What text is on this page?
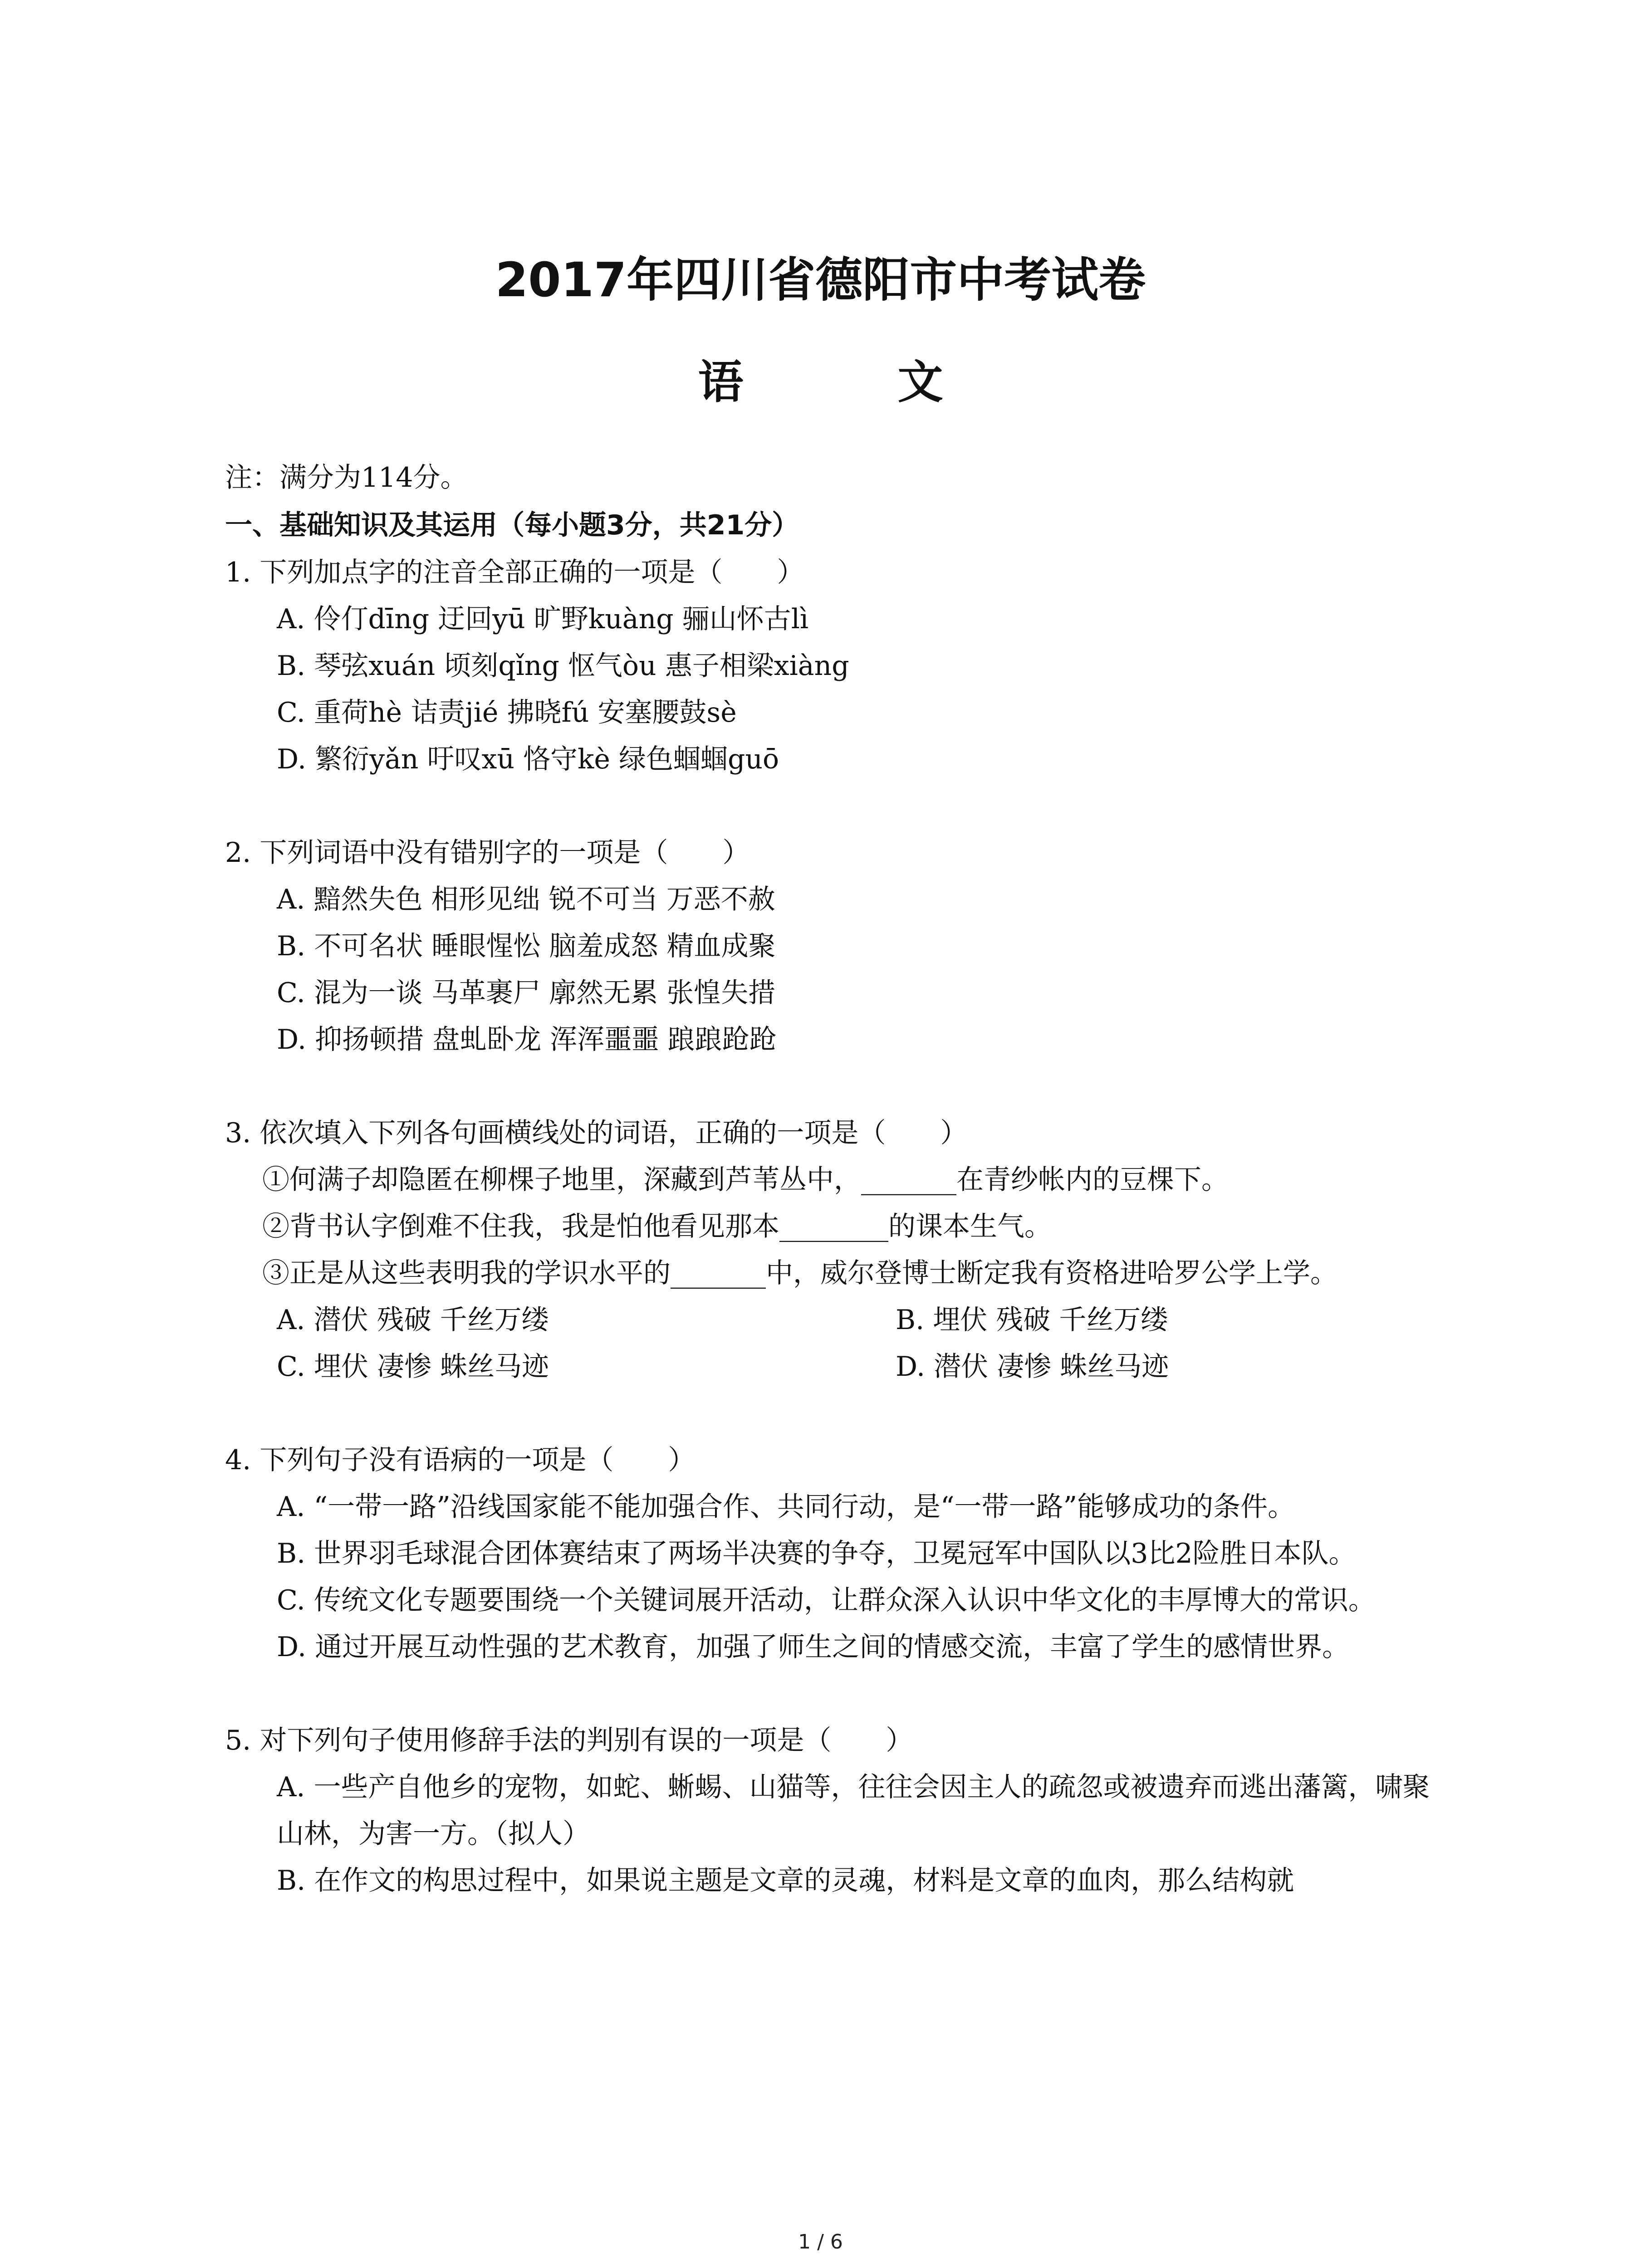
2017年四川省德阳市中考试卷
语　文

注：满分为114分。

一、基础知识及其运用（每小题3分，共21分）

1. 下列加点字的注音全部正确的一项是（　　）

A. 伶仃dīng 迂回yū 旷野kuàng 骊山怀古lì

B. 琴弦xuán 顷刻qǐng 怄气òu 惠子相梁xiàng

C. 重荷hè 诘责jié 拂晓fú 安塞腰鼓sè

D. 繁衍yǎn 吁叹xū 恪守kè 绿色蝈蝈guō

2. 下列词语中没有错别字的一项是（　　）

A. 黯然失色 相形见绌 锐不可当 万恶不赦

B. 不可名状 睡眼惺忪 脑羞成怒 精血成聚

C. 混为一谈 马革裹尸 廓然无累 张惶失措

D. 抑扬顿措 盘虬卧龙 浑浑噩噩 踉踉跄跄

3. 依次填入下列各句画横线处的词语，正确的一项是（　　）

①何满子却隐匿在柳棵子地里，深藏到芦苇丛中，_______在青纱帐内的豆棵下。

②背书认字倒难不住我，我是怕他看见那本________的课本生气。

③正是从这些表明我的学识水平的_______中，威尔登博士断定我有资格进哈罗公学上学。

A. 潜伏 残破 千丝万缕	B. 埋伏 残破 千丝万缕

C. 埋伏 凄惨 蛛丝马迹	D. 潜伏 凄惨 蛛丝马迹

4. 下列句子没有语病的一项是（　　）

A. “一带一路”沿线国家能不能加强合作、共同行动，是“一带一路”能够成功的条件。

B. 世界羽毛球混合团体赛结束了两场半决赛的争夺，卫冕冠军中国队以3比2险胜日本队。

C. 传统文化专题要围绕一个关键词展开活动，让群众深入认识中华文化的丰厚博大的常识。

D. 通过开展互动性强的艺术教育，加强了师生之间的情感交流，丰富了学生的感情世界。

5. 对下列句子使用修辞手法的判别有误的一项是（　　）

A. 一些产自他乡的宠物，如蛇、蜥蜴、山猫等，往往会因主人的疏忽或被遗弃而逃出藩篱，啸聚山林，为害一方。（拟人）

B. 在作文的构思过程中，如果说主题是文章的灵魂，材料是文章的血肉，那么结构就

1 / 6
